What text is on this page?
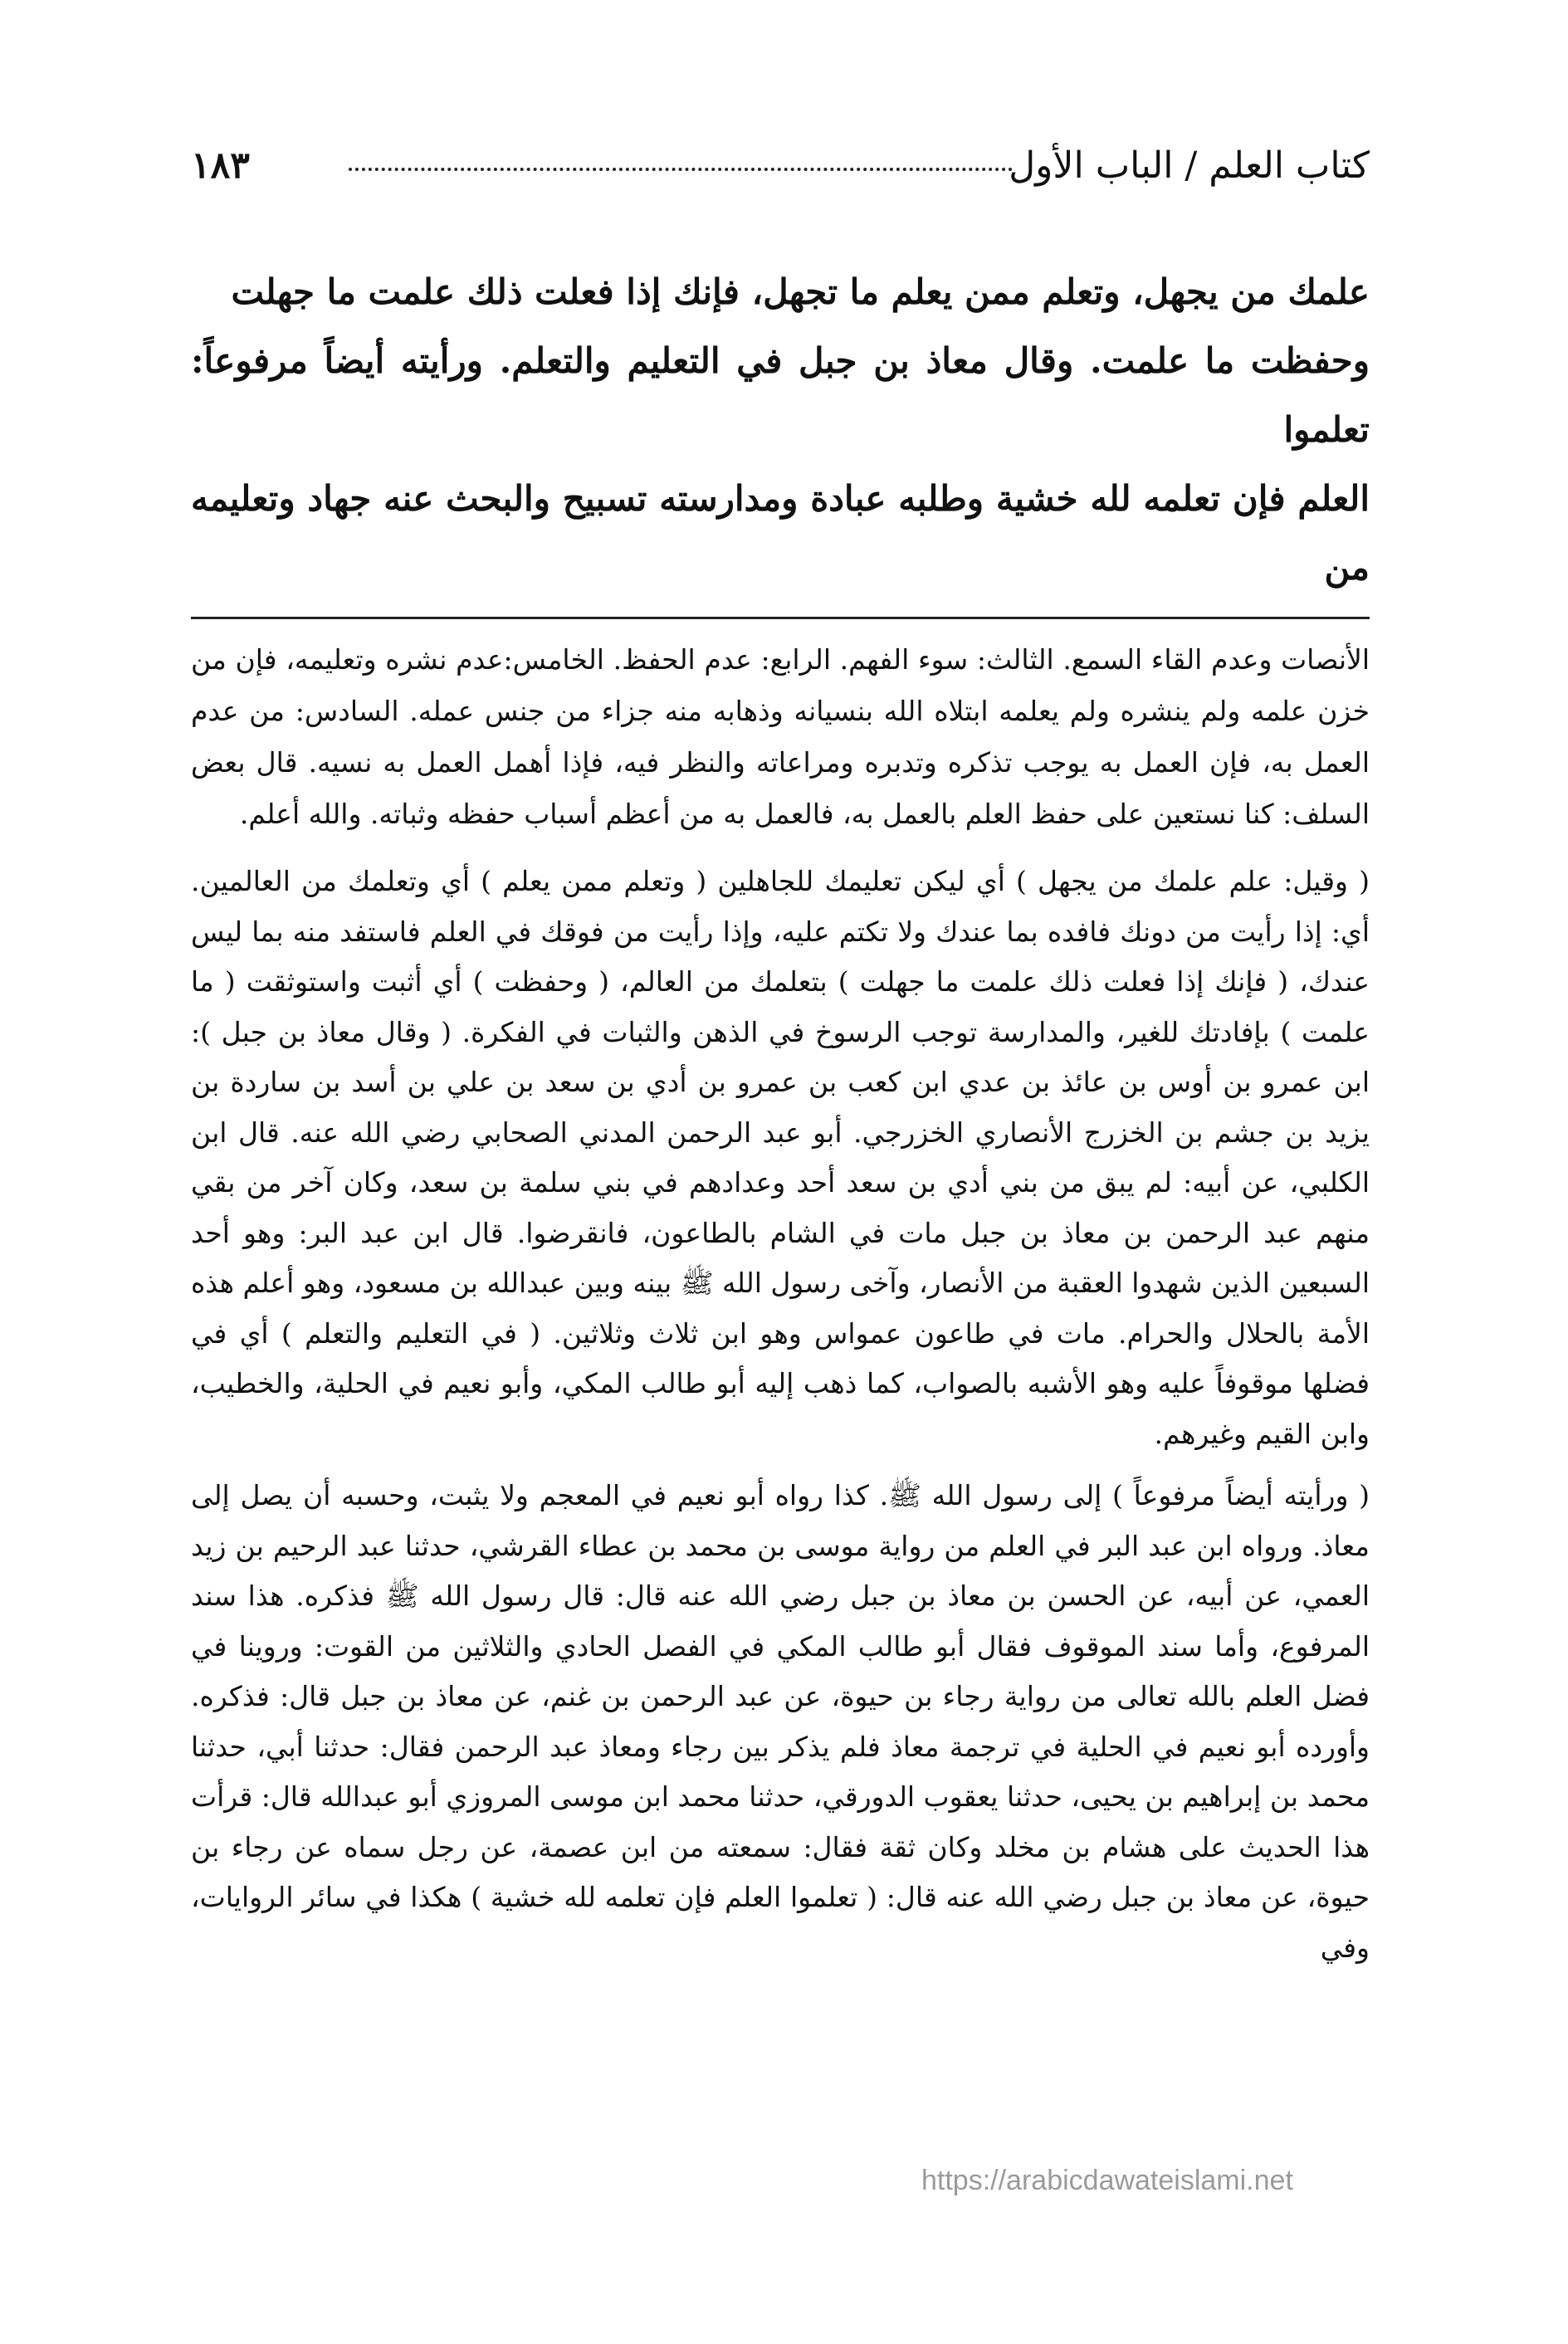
كتاب العلم / الباب الأول
١٨٣

علمك من يجهل، وتعلم ممن يعلم ما تجهل، فإنك إذا فعلت ذلك علمت ما جهلت

وحفظت ما علمت. وقال معاذ بن جبل في التعليم والتعلم. ورأيته أيضاً مرفوعاً: تعلموا

العلم فإن تعلمه لله خشية وطلبه عبادة ومدارسته تسبيح والبحث عنه جهاد وتعليمه من

الأنصات وعدم القاء السمع. الثالث: سوء الفهم. الرابع: عدم الحفظ. الخامس:عدم نشره وتعليمه، فإن من خزن علمه ولم ينشره ولم يعلمه ابتلاه الله بنسيانه وذهابه منه جزاء من جنس عمله. السادس: من عدم العمل به، فإن العمل به يوجب تذكره وتدبره ومراعاته والنظر فيه، فإذا أهمل العمل به نسيه. قال بعض السلف: كنا نستعين على حفظ العلم بالعمل به، فالعمل به من أعظم أسباب حفظه وثباته. والله أعلم.

( وقيل: علم علمك من يجهل ) أي ليكن تعليمك للجاهلين ( وتعلم ممن يعلم ) أي وتعلمك من العالمين. أي: إذا رأيت من دونك فافده بما عندك ولا تكتم عليه، وإذا رأيت من فوقك في العلم فاستفد منه بما ليس عندك، ( فإنك إذا فعلت ذلك علمت ما جهلت ) بتعلمك من العالم، ( وحفظت ) أي أثبت واستوثقت ( ما علمت ) بإفادتك للغير، والمدارسة توجب الرسوخ في الذهن والثبات في الفكرة. ( وقال معاذ بن جبل ): ابن عمرو بن أوس بن عائذ بن عدي ابن كعب بن عمرو بن أدي بن سعد بن علي بن أسد بن ساردة بن يزيد بن جشم بن الخزرج الأنصاري الخزرجي. أبو عبد الرحمن المدني الصحابي رضي الله عنه. قال ابن الكلبي، عن أبيه: لم يبق من بني أدي بن سعد أحد وعدادهم في بني سلمة بن سعد، وكان آخر من بقي منهم عبد الرحمن بن معاذ بن جبل مات في الشام بالطاعون، فانقرضوا. قال ابن عبد البر: وهو أحد السبعين الذين شهدوا العقبة من الأنصار، وآخى رسول الله ﷺ بينه وبين عبدالله بن مسعود، وهو أعلم هذه الأمة بالحلال والحرام. مات في طاعون عمواس وهو ابن ثلاث وثلاثين. ( في التعليم والتعلم ) أي في فضلها موقوفاً عليه وهو الأشبه بالصواب، كما ذهب إليه أبو طالب المكي، وأبو نعيم في الحلية، والخطيب، وابن القيم وغيرهم.

( ورأيته أيضاً مرفوعاً ) إلى رسول الله ﷺ. كذا رواه أبو نعيم في المعجم ولا يثبت، وحسبه أن يصل إلى معاذ. ورواه ابن عبد البر في العلم من رواية موسى بن محمد بن عطاء القرشي، حدثنا عبد الرحيم بن زيد العمي، عن أبيه، عن الحسن بن معاذ بن جبل رضي الله عنه قال: قال رسول الله ﷺ فذكره. هذا سند المرفوع، وأما سند الموقوف فقال أبو طالب المكي في الفصل الحادي والثلاثين من القوت: وروينا في فضل العلم بالله تعالى من رواية رجاء بن حيوة، عن عبد الرحمن بن غنم، عن معاذ بن جبل قال: فذكره. وأورده أبو نعيم في الحلية في ترجمة معاذ فلم يذكر بين رجاء ومعاذ عبد الرحمن فقال: حدثنا أبي، حدثنا محمد بن إبراهيم بن يحيى، حدثنا يعقوب الدورقي، حدثنا محمد ابن موسى المروزي أبو عبدالله قال: قرأت هذا الحديث على هشام بن مخلد وكان ثقة فقال: سمعته من ابن عصمة، عن رجل سماه عن رجاء بن حيوة، عن معاذ بن جبل رضي الله عنه قال: ( تعلموا العلم فإن تعلمه لله خشية ) هكذا في سائر الروايات، وفي

https://arabicdawateislami.net
